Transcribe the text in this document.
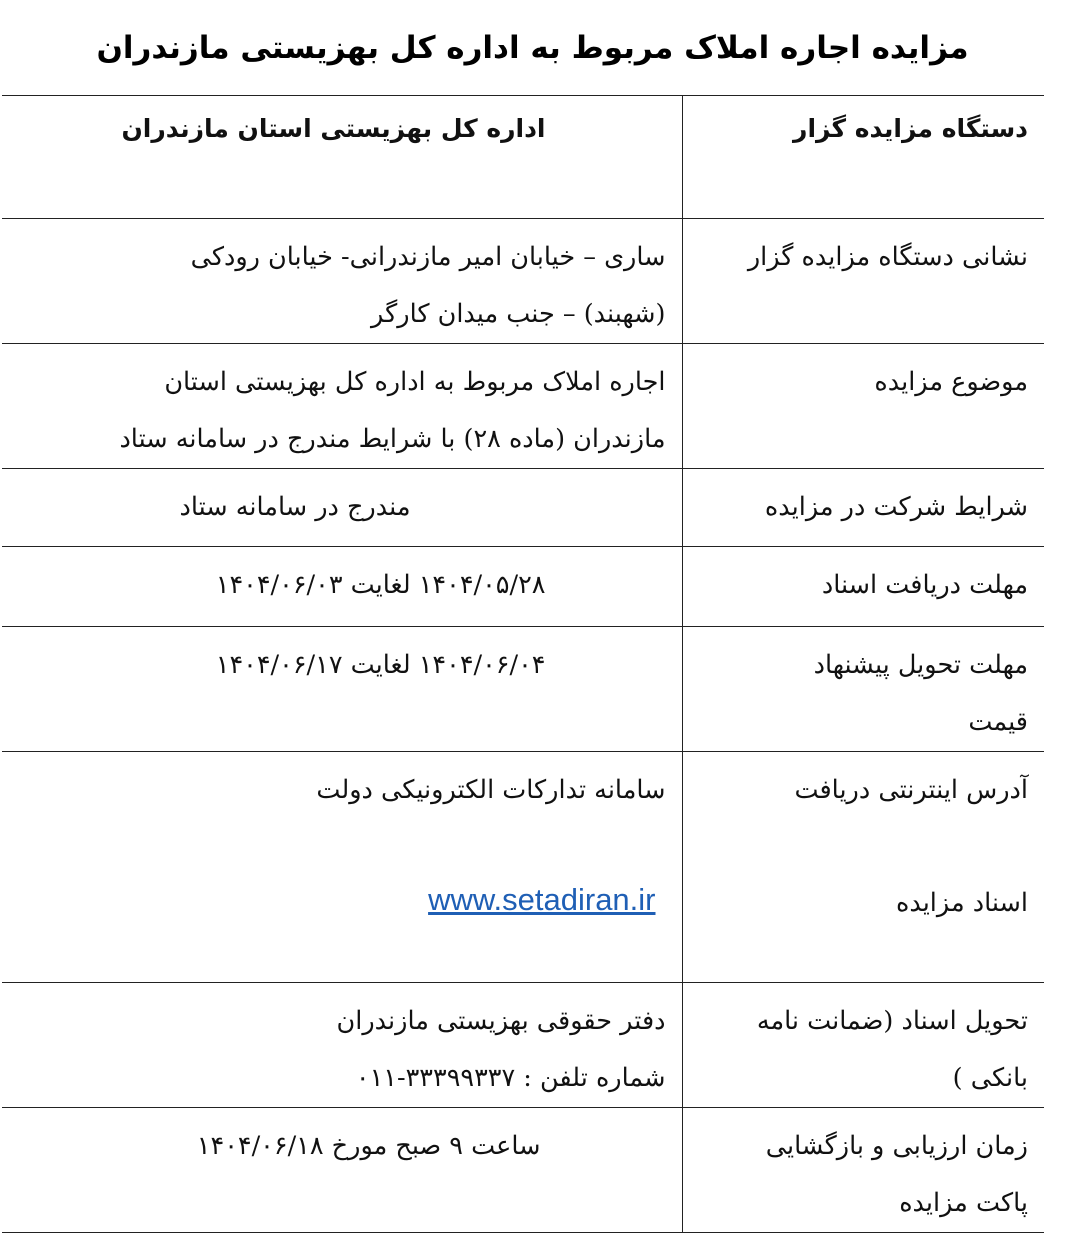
مزایده اجاره املاک مربوط به اداره کل بهزیستی مازندران
دستگاه مزایده گزار	اداره کل بهزیستی استان مازندران

نشانی دستگاه مزایده گزار	ساری – خیابان امیر مازندرانی- خیابان رودکی
(شهبند) – جنب میدان کارگر

موضوع مزایده	اجاره املاک مربوط به اداره کل بهزیستی استان
مازندران (ماده ۲۸) با شرایط مندرج در سامانه ستاد

شرایط شرکت در مزایده	مندرج در سامانه ستاد

مهلت دریافت اسناد	۱۴۰۴/۰۵/۲۸ لغایت ۱۴۰۴/۰۶/۰۳

مهلت تحویل پیشنهاد
قیمت	۱۴۰۴/۰۶/۰۴ لغایت ۱۴۰۴/۰۶/۱۷

آدرس اینترنتی دریافت
اسناد مزایده	سامانه تدارکات الکترونیکی دولت
www.setadiran.ir

تحویل اسناد (ضمانت نامه
بانکی )	دفتر حقوقی بهزیستی مازندران
شماره تلفن : ۳۳۳۹۹۳۳۷-۰۱۱

زمان ارزیابی و بازگشایی
پاکت مزایده	ساعت ۹ صبح مورخ ۱۴۰۴/۰۶/۱۸
